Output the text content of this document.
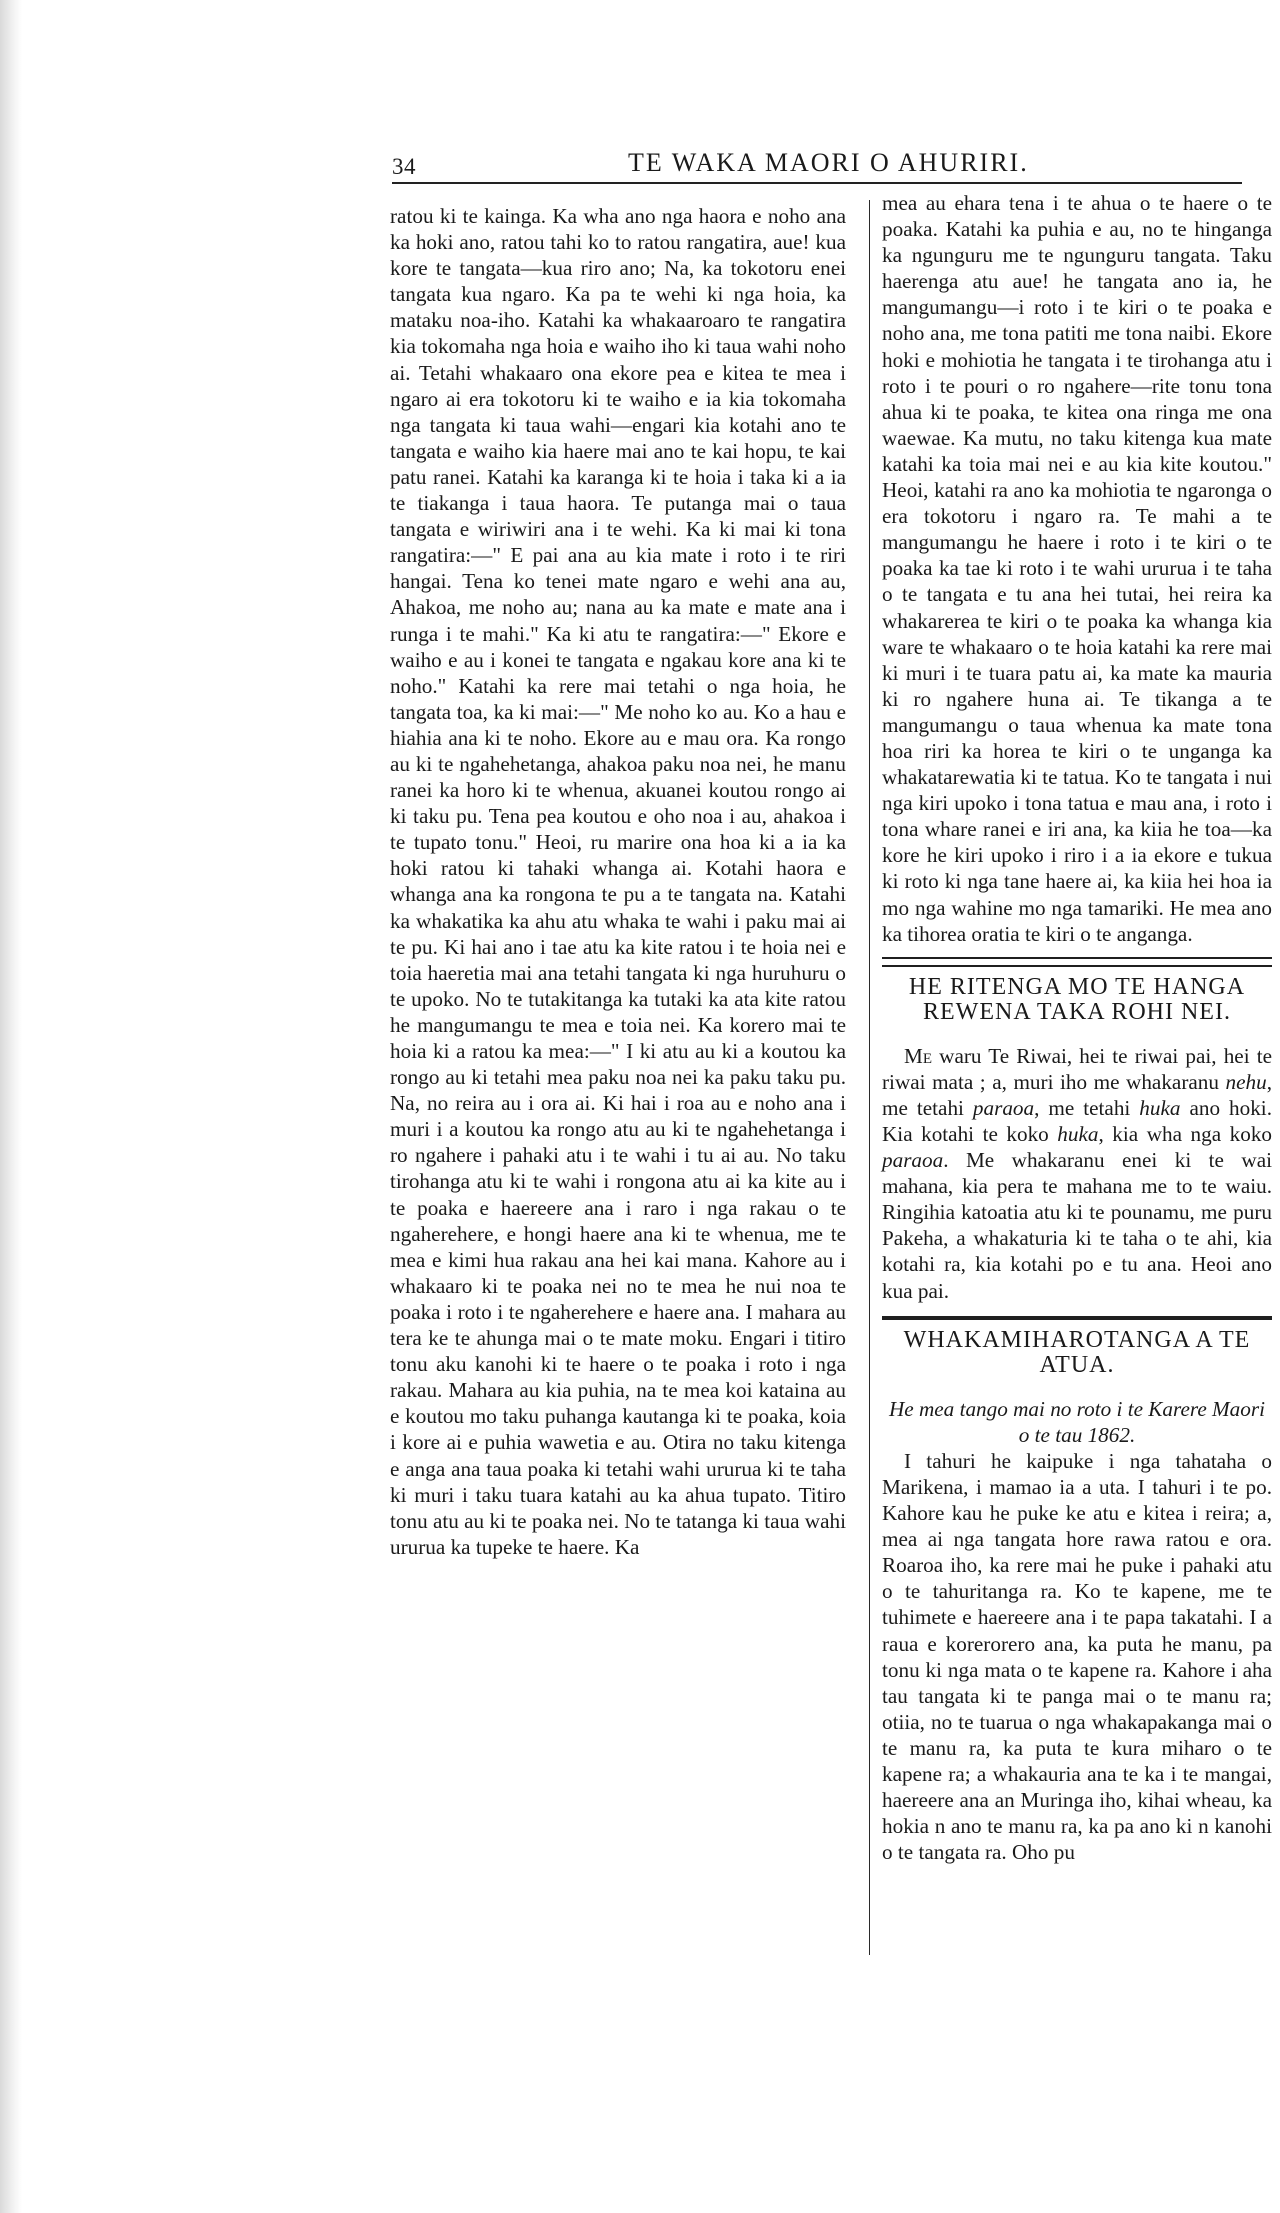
34	TE WAKA MAORI O AHURIRI.

ratou ki te kainga. Ka wha ano nga haora e noho ana ka hoki ano, ratou tahi ko to ratou rangatira, aue! kua kore te tangata—kua riro ano; Na, ka tokotoru enei tangata kua ngaro. Ka pa te wehi ki nga hoia, ka mataku noa-iho. Katahi ka whakaaroaro te rangatira kia tokomaha nga hoia e waiho iho ki taua wahi noho ai. Tetahi whakaaro ona ekore pea e kitea te mea i ngaro ai era tokotoru ki te waiho e ia kia tokomaha nga tangata ki taua wahi—engari kia kotahi ano te tangata e waiho kia haere mai ano te kai hopu, te kai patu ranei. Katahi ka karanga ki te hoia i taka ki a ia te tiakanga i taua haora. Te putanga mai o taua tangata e wiriwiri ana i te wehi. Ka ki mai ki tona rangatira:—" E pai ana au kia mate i roto i te riri hangai. Tena ko tenei mate ngaro e wehi ana au, Ahakoa, me noho au; nana au ka mate e mate ana i runga i te mahi." Ka ki atu te rangatira:—" Ekore e waiho e au i konei te tangata e ngakau kore ana ki te noho." Katahi ka rere mai tetahi o nga hoia, he tangata toa, ka ki mai:—" Me noho ko au. Ko a hau e hiahia ana ki te noho. Ekore au e mau ora. Ka rongo au ki te ngahehetanga, ahakoa paku noa nei, he manu ranei ka horo ki te whenua, akuanei koutou rongo ai ki taku pu. Tena pea koutou e oho noa i au, ahakoa i te tupato tonu." Heoi, ru marire ona hoa ki a ia ka hoki ratou ki tahaki whanga ai. Kotahi haora e whanga ana ka rongona te pu a te tangata na. Katahi ka whakatika ka ahu atu whaka te wahi i paku mai ai te pu. Ki hai ano i tae atu ka kite ratou i te hoia nei e toia haeretia mai ana tetahi tangata ki nga huruhuru o te upoko. No te tutakitanga ka tutaki ka ata kite ratou he mangumangu te mea e toia nei. Ka korero mai te hoia ki a ratou ka mea:—" I ki atu au ki a koutou ka rongo au ki tetahi mea paku noa nei ka paku taku pu. Na, no reira au i ora ai. Ki hai i roa au e noho ana i muri i a koutou ka rongo atu au ki te ngahehetanga i ro ngahere i pahaki atu i te wahi i tu ai au. No taku tirohanga atu ki te wahi i rongona atu ai ka kite au i te poaka e haereere ana i raro i nga rakau o te ngaherehere, e hongi haere ana ki te whenua, me te mea e kimi hua rakau ana hei kai mana. Kahore au i whakaaro ki te poaka nei no te mea he nui noa te poaka i roto i te ngaherehere e haere ana. I mahara au tera ke te ahunga mai o te mate moku. Engari i titiro tonu aku kanohi ki te haere o te poaka i roto i nga rakau. Mahara au kia puhia, na te mea koi kataina au e koutou mo taku puhanga kautanga ki te poaka, koia i kore ai e puhia wawetia e au. Otira no taku kitenga e anga ana taua poaka ki tetahi wahi ururua ki te taha ki muri i taku tuara katahi au ka ahua tupato. Titiro tonu atu au ki te poaka nei. No te tatanga ki taua wahi ururua ka tupeke te haere. Ka

mea au ehara tena i te ahua o te haere o te poaka. Katahi ka puhia e au, no te hinganga ka ngunguru me te ngunguru tangata. Taku haerenga atu aue! he tangata ano ia, he mangumangu—i roto i te kiri o te poaka e noho ana, me tona patiti me tona naibi. Ekore hoki e mohiotia he tangata i te tirohanga atu i roto i te pouri o ro ngahere—rite tonu tona ahua ki te poaka, te kitea ona ringa me ona waewae. Ka mutu, no taku kitenga kua mate katahi ka toia mai nei e au kia kite koutou." Heoi, katahi ra ano ka mohiotia te ngaronga o era tokotoru i ngaro ra. Te mahi a te mangumangu he haere i roto i te kiri o te poaka ka tae ki roto i te wahi ururua i te taha o te tangata e tu ana hei tutai, hei reira ka whakarerea te kiri o te poaka ka whanga kia ware te whakaaro o te hoia katahi ka rere mai ki muri i te tuara patu ai, ka mate ka mauria ki ro ngahere huna ai. Te tikanga a te mangumangu o taua whenua ka mate tona hoa riri ka horea te kiri o te unganga ka whakatarewatia ki te tatua. Ko te tangata i nui nga kiri upoko i tona tatua e mau ana, i roto i tona whare ranei e iri ana, ka kiia he toa—ka kore he kiri upoko i riro i a ia ekore e tukua ki roto ki nga tane haere ai, ka kiia hei hoa ia mo nga wahine mo nga tamariki. He mea ano ka tihorea oratia te kiri o te anganga.

HE RITENGA MO TE HANGA REWENA TAKA ROHI NEI.

Me waru Te Riwai, hei te riwai pai, hei te riwai mata ; a, muri iho me whakaranu nehu, me tetahi paraoa, me tetahi huka ano hoki. Kia kotahi te koko huka, kia wha nga koko paraoa. Me whakaranu enei ki te wai mahana, kia pera te mahana me to te waiu. Ringihia katoatia atu ki te pounamu, me puru Pakeha, a whakaturia ki te taha o te ahi, kia kotahi ra, kia kotahi po e tu ana. Heoi ano kua pai.

WHAKAMIHAROTANGA A TE ATUA.

He mea tango mai no roto i te Karere Maori o te tau 1862.

I tahuri he kaipuke i nga tahataha o Marikena, i mamao ia a uta. I tahuri i te po. Kahore kau he puke ke atu e kitea i reira; a, mea ai nga tangata hore rawa ratou e ora. Roaroa iho, ka rere mai he puke i pahaki atu o te tahuritanga ra. Ko te kapene, me te tuhimete e haereere ana i te papa takatahi. I a raua e korerorero ana, ka puta he manu, pa tonu ki nga mata o te kapene ra. Kahore i aha tau tangata ki te panga mai o te manu ra; otiia, no te tuarua o nga whakapakanga mai o te manu ra, ka puta te kura miharo o te kapene ra; a whakauria ana te ka i te mangai, haereere ana an Muringa iho, kihai wheau, ka hokia n ano te manu ra, ka pa ano ki n kanohi o te tangata ra. Oho pu
